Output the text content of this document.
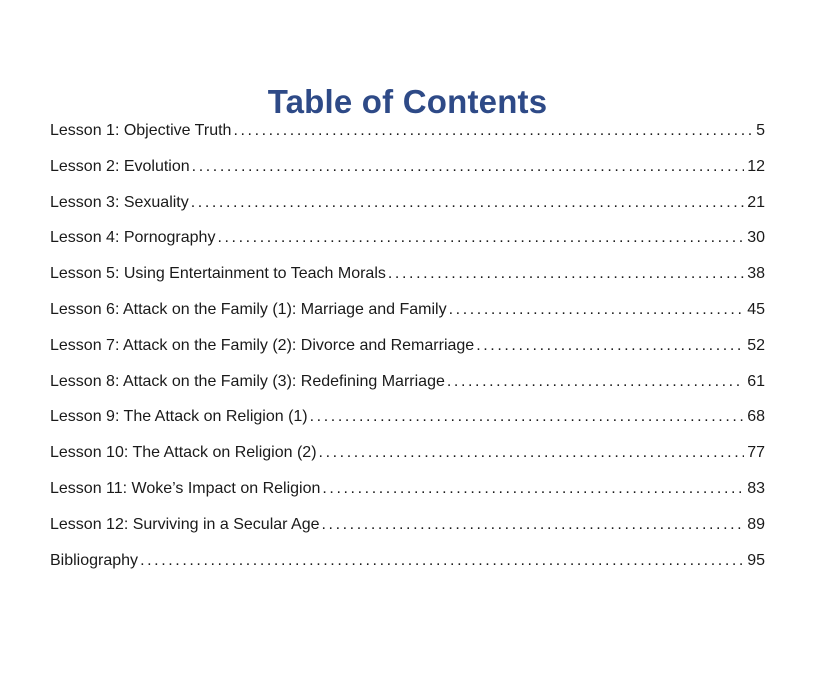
Table of Contents
Lesson 1: Objective Truth .....	5
Lesson 2: Evolution .....	12
Lesson 3: Sexuality .....	21
Lesson 4: Pornography .....	30
Lesson 5: Using Entertainment to Teach Morals .....	38
Lesson 6: Attack on the Family (1): Marriage and Family .....	45
Lesson 7: Attack on the Family (2): Divorce and Remarriage .....	52
Lesson 8: Attack on the Family (3): Redefining Marriage .....	61
Lesson 9: The Attack on Religion (1) .....	68
Lesson 10: The Attack on Religion (2) .....	77
Lesson 11: Woke’s Impact on Religion .....	83
Lesson 12: Surviving in a Secular Age .....	89
Bibliography .....	95
